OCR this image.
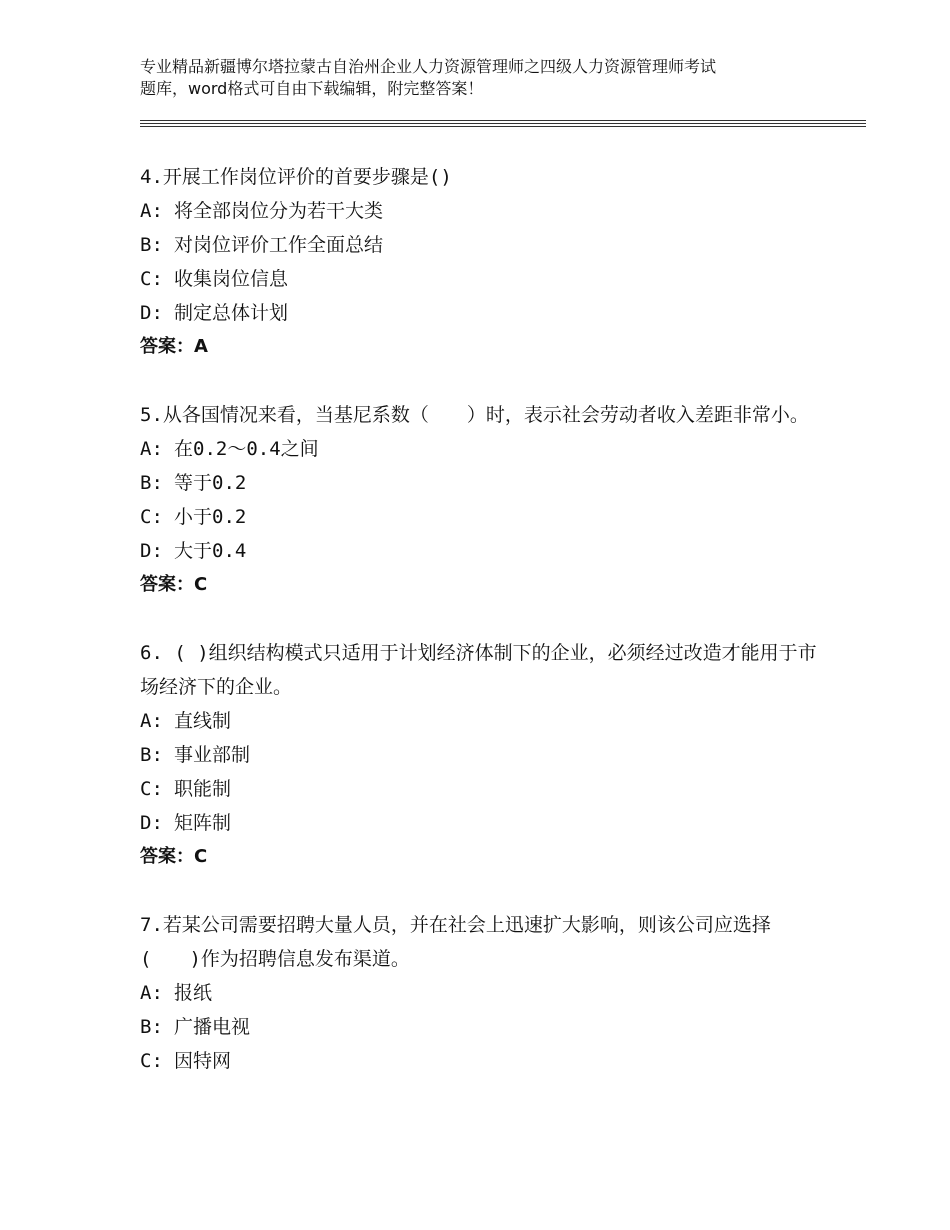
专业精品新疆博尔塔拉蒙古自治州企业人力资源管理师之四级人力资源管理师考试
题库，word格式可自由下载编辑，附完整答案！

4.开展工作岗位评价的首要步骤是()

A: 将全部岗位分为若干大类

B: 对岗位评价工作全面总结

C: 收集岗位信息

D: 制定总体计划

答案：A

5.从各国情况来看，当基尼系数（　　）时，表示社会劳动者收入差距非常小。

A: 在0.2～0.4之间

B: 等于0.2

C: 小于0.2

D: 大于0.4

答案：C

6. ( )组织结构模式只适用于计划经济体制下的企业，必须经过改造才能用于市场经济下的企业。

A: 直线制

B: 事业部制

C: 职能制

D: 矩阵制

答案：C

7.若某公司需要招聘大量人员，并在社会上迅速扩大影响，则该公司应选择(　　)作为招聘信息发布渠道。

A: 报纸

B: 广播电视

C: 因特网
